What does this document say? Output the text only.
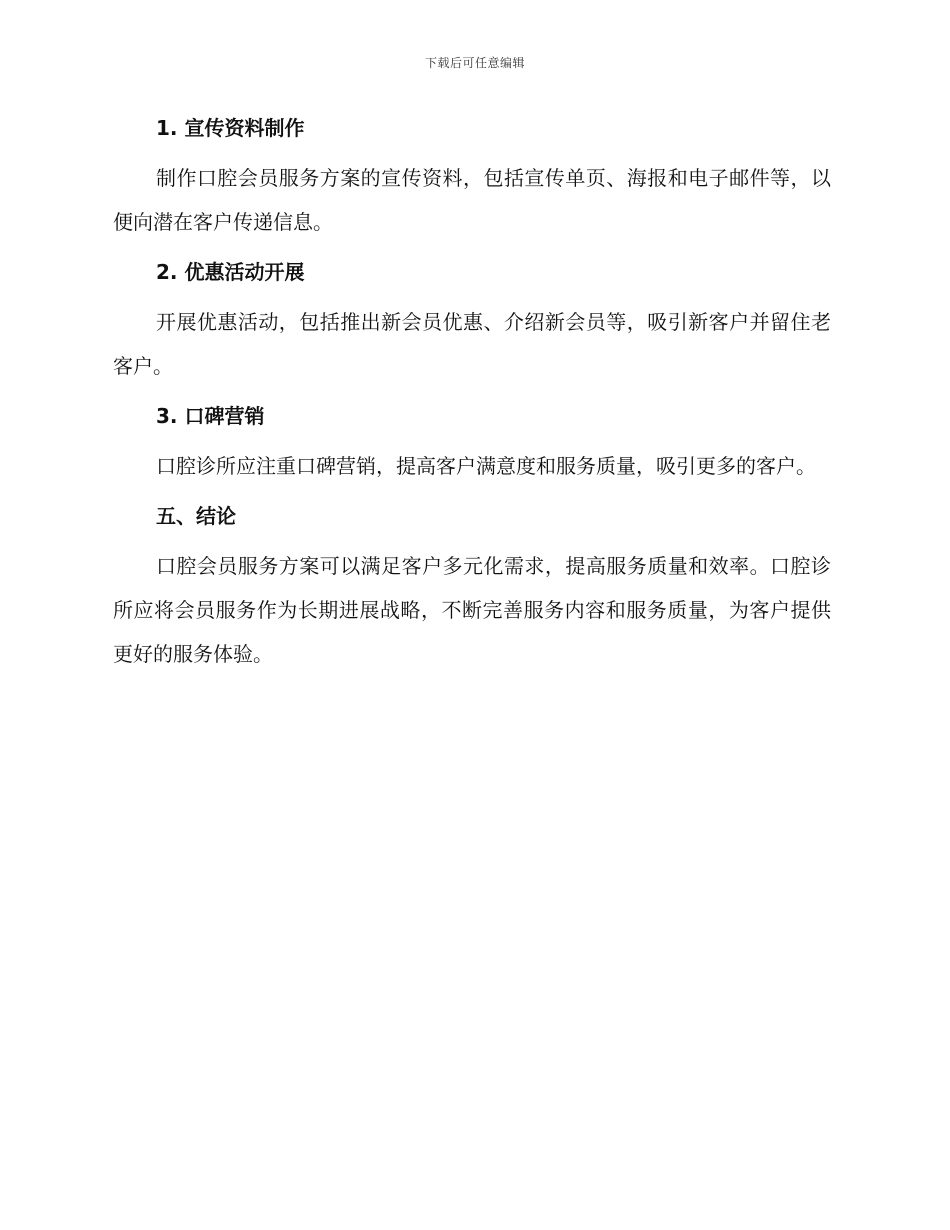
下载后可任意编辑
1. 宣传资料制作

制作口腔会员服务方案的宣传资料，包括宣传单页、海报和电子邮件等，以便向潜在客户传递信息。

2. 优惠活动开展

开展优惠活动，包括推出新会员优惠、介绍新会员等，吸引新客户并留住老客户。

3. 口碑营销

口腔诊所应注重口碑营销，提高客户满意度和服务质量，吸引更多的客户。

五、结论

口腔会员服务方案可以满足客户多元化需求，提高服务质量和效率。口腔诊所应将会员服务作为长期进展战略，不断完善服务内容和服务质量，为客户提供更好的服务体验。
